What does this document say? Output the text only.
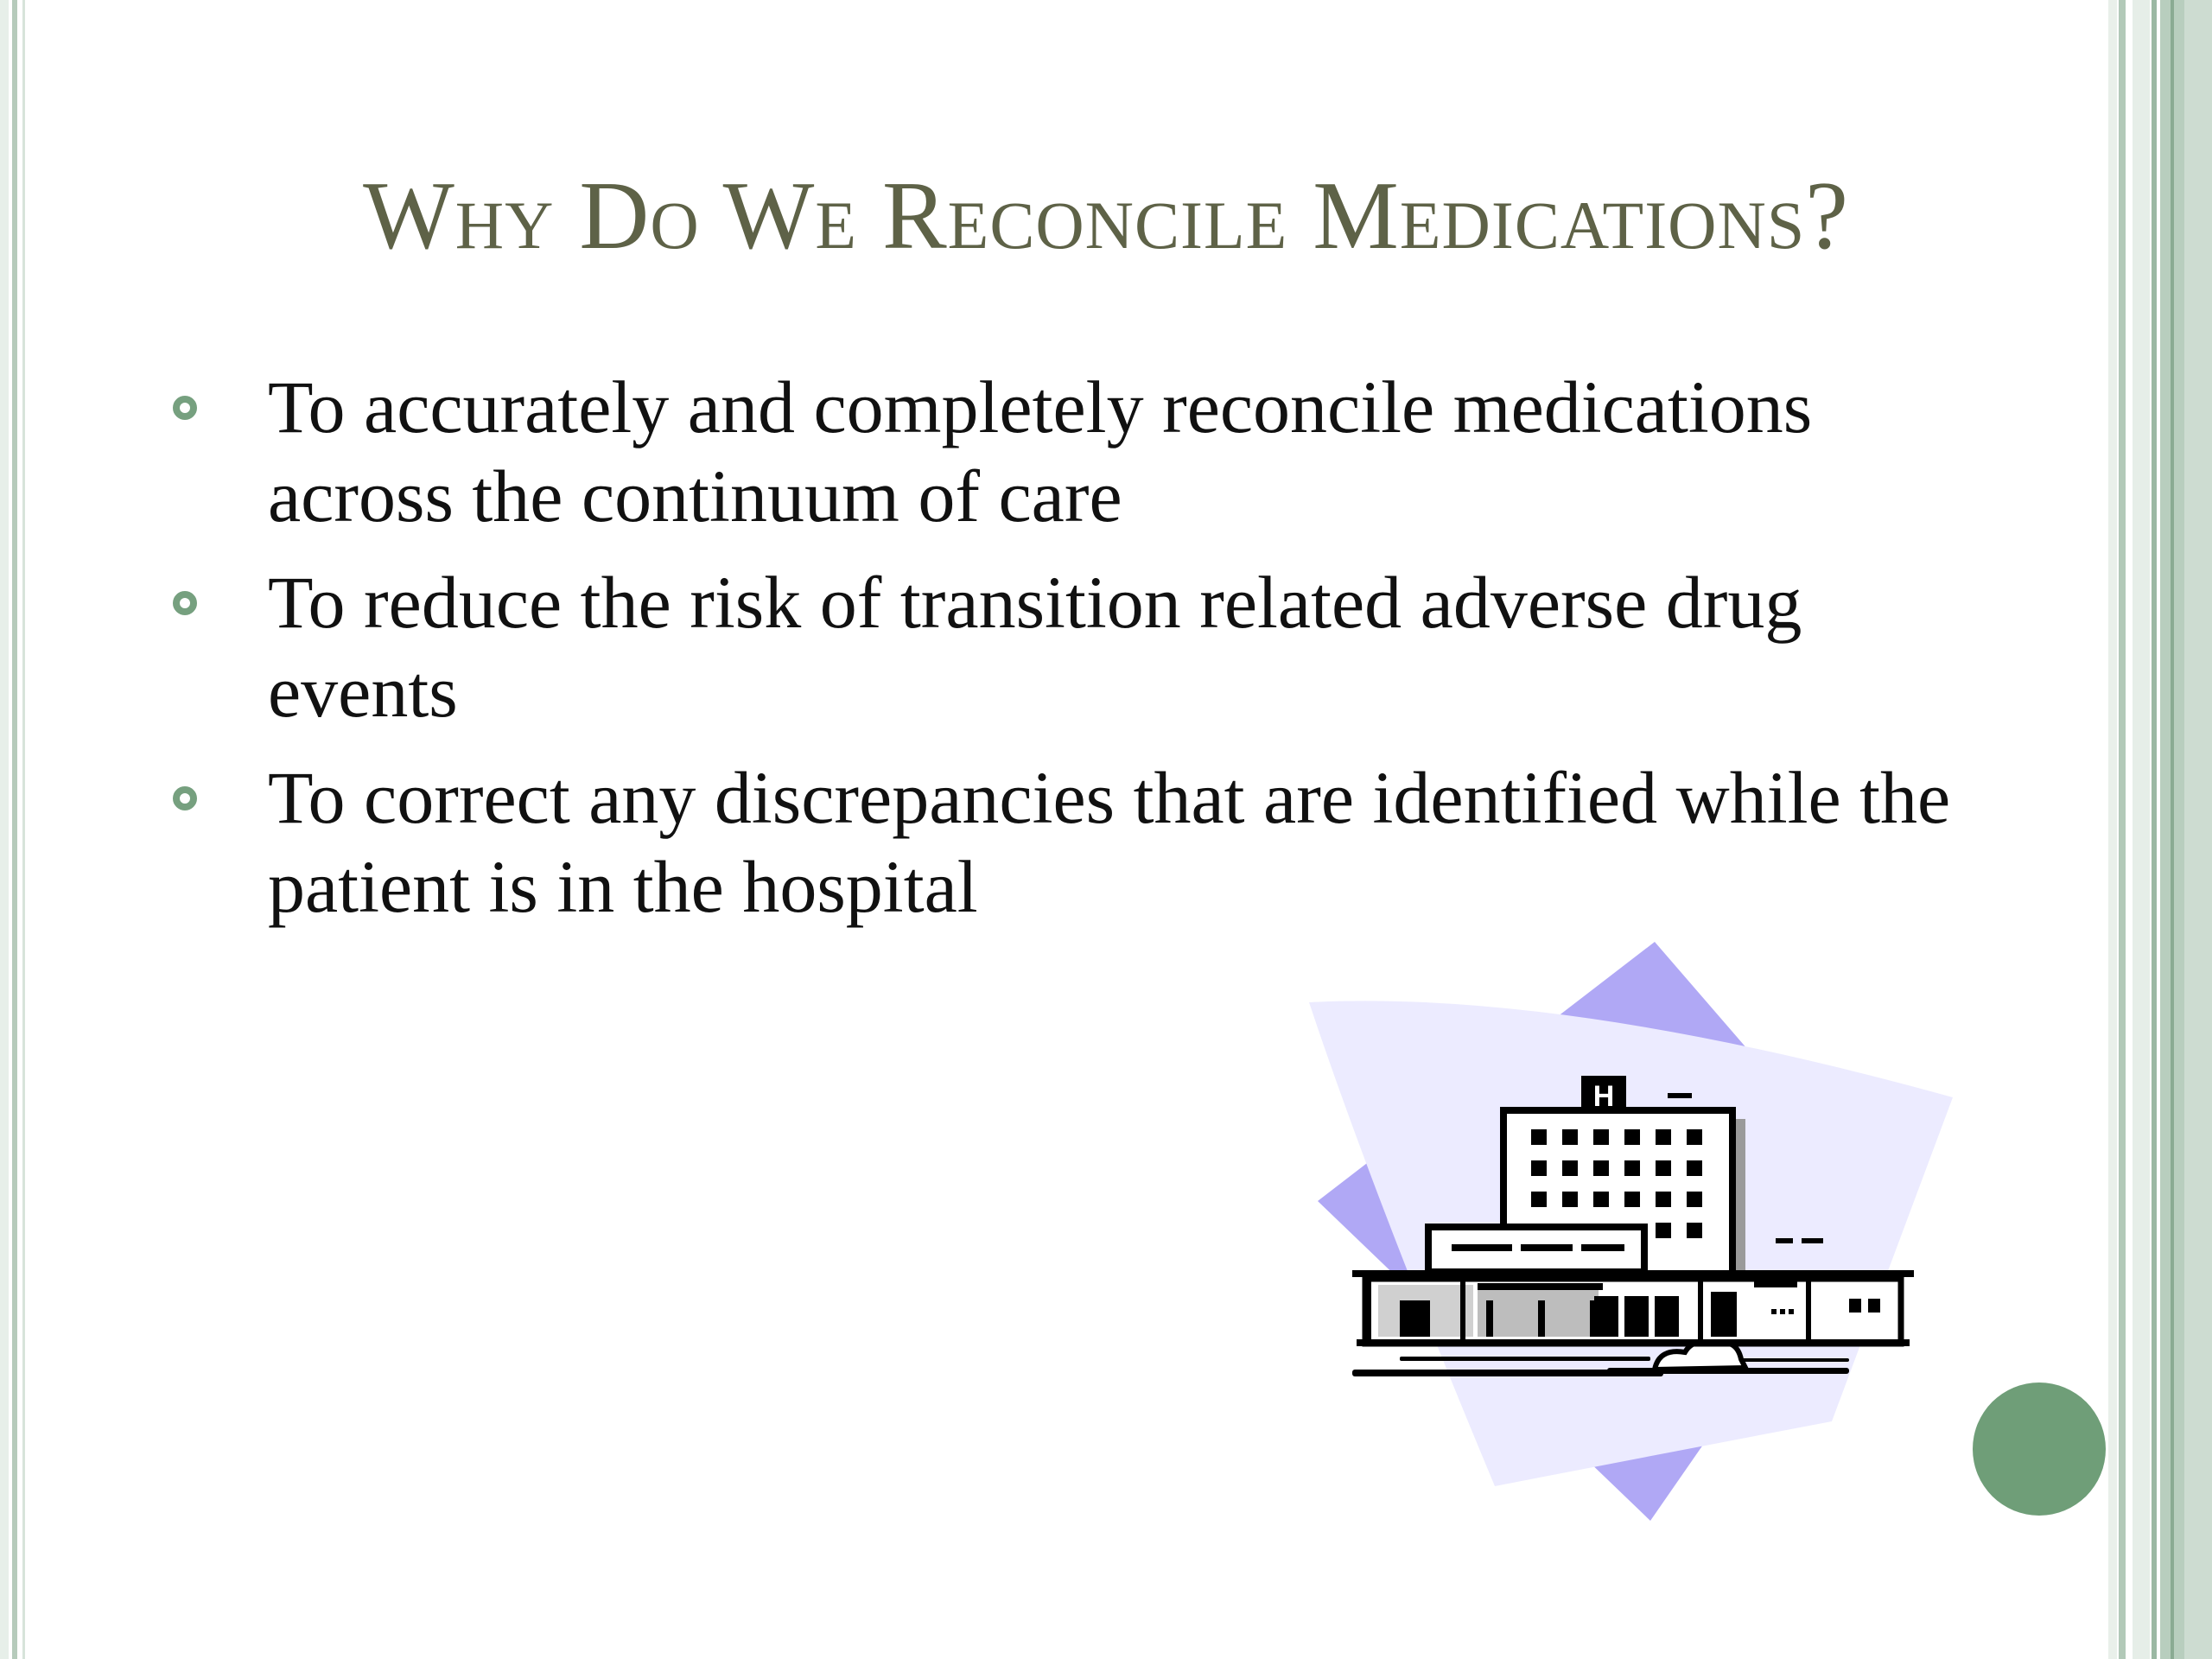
Why Do We Reconcile Medications?
To accurately and completely reconcile medications across the continuum of care
To reduce the risk of transition related adverse drug events
To correct any discrepancies that are identified while the patient is in the hospital
H
